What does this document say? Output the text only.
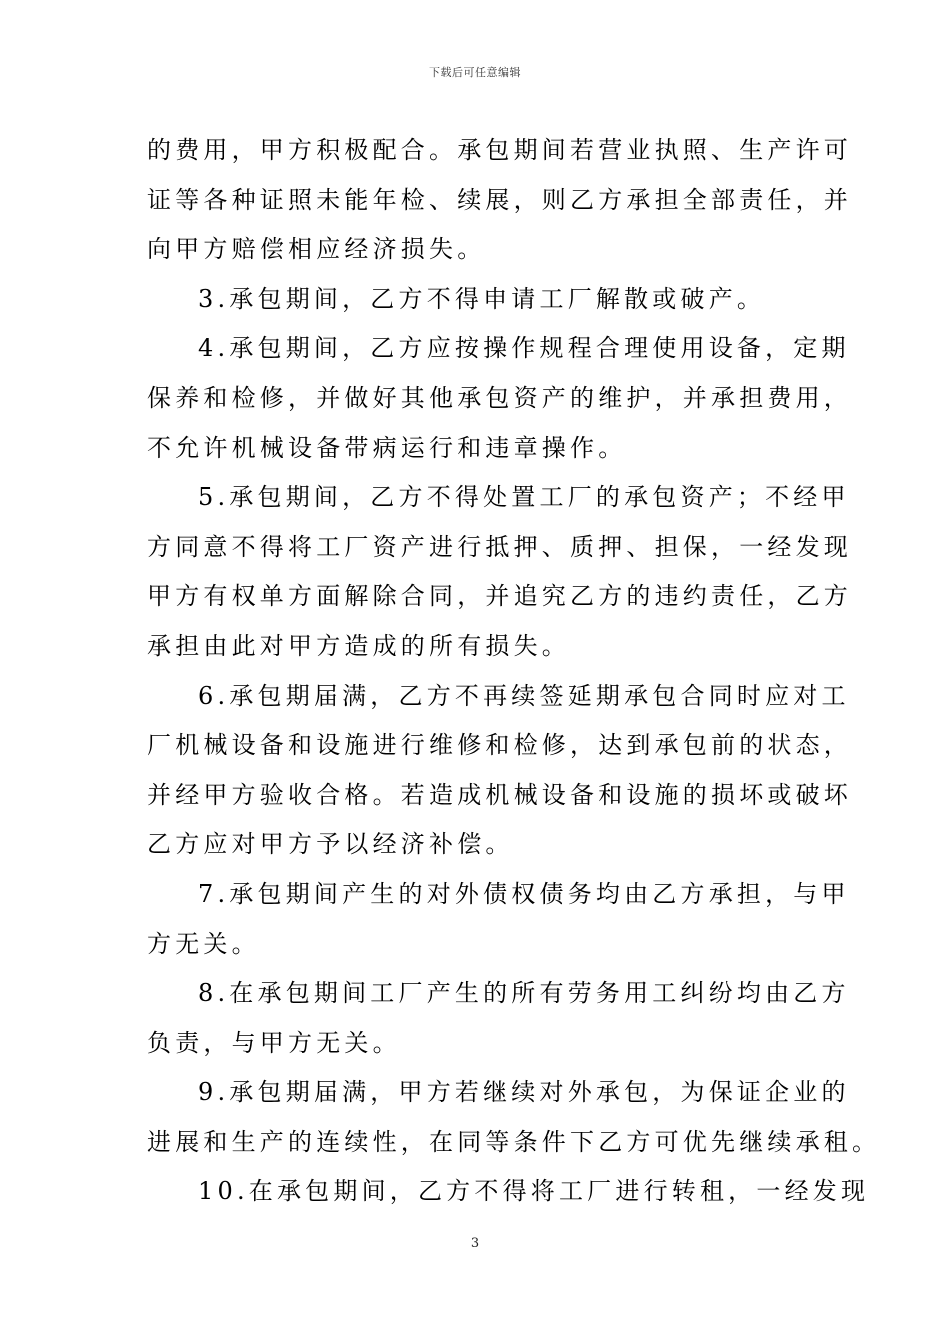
下载后可任意编辑
的费用，甲方积极配合。承包期间若营业执照、生产许可
证等各种证照未能年检、续展，则乙方承担全部责任，并
向甲方赔偿相应经济损失。
3.承包期间，乙方不得申请工厂解散或破产。
4.承包期间，乙方应按操作规程合理使用设备，定期
保养和检修，并做好其他承包资产的维护，并承担费用，
不允许机械设备带病运行和违章操作。
5.承包期间，乙方不得处置工厂的承包资产；不经甲
方同意不得将工厂资产进行抵押、质押、担保，一经发现
甲方有权单方面解除合同，并追究乙方的违约责任，乙方
承担由此对甲方造成的所有损失。
6.承包期届满，乙方不再续签延期承包合同时应对工
厂机械设备和设施进行维修和检修，达到承包前的状态，
并经甲方验收合格。若造成机械设备和设施的损坏或破坏
乙方应对甲方予以经济补偿。
7.承包期间产生的对外债权债务均由乙方承担，与甲
方无关。
8.在承包期间工厂产生的所有劳务用工纠纷均由乙方
负责，与甲方无关。
9.承包期届满，甲方若继续对外承包，为保证企业的
进展和生产的连续性，在同等条件下乙方可优先继续承租。
10.在承包期间，乙方不得将工厂进行转租，一经发现
3
